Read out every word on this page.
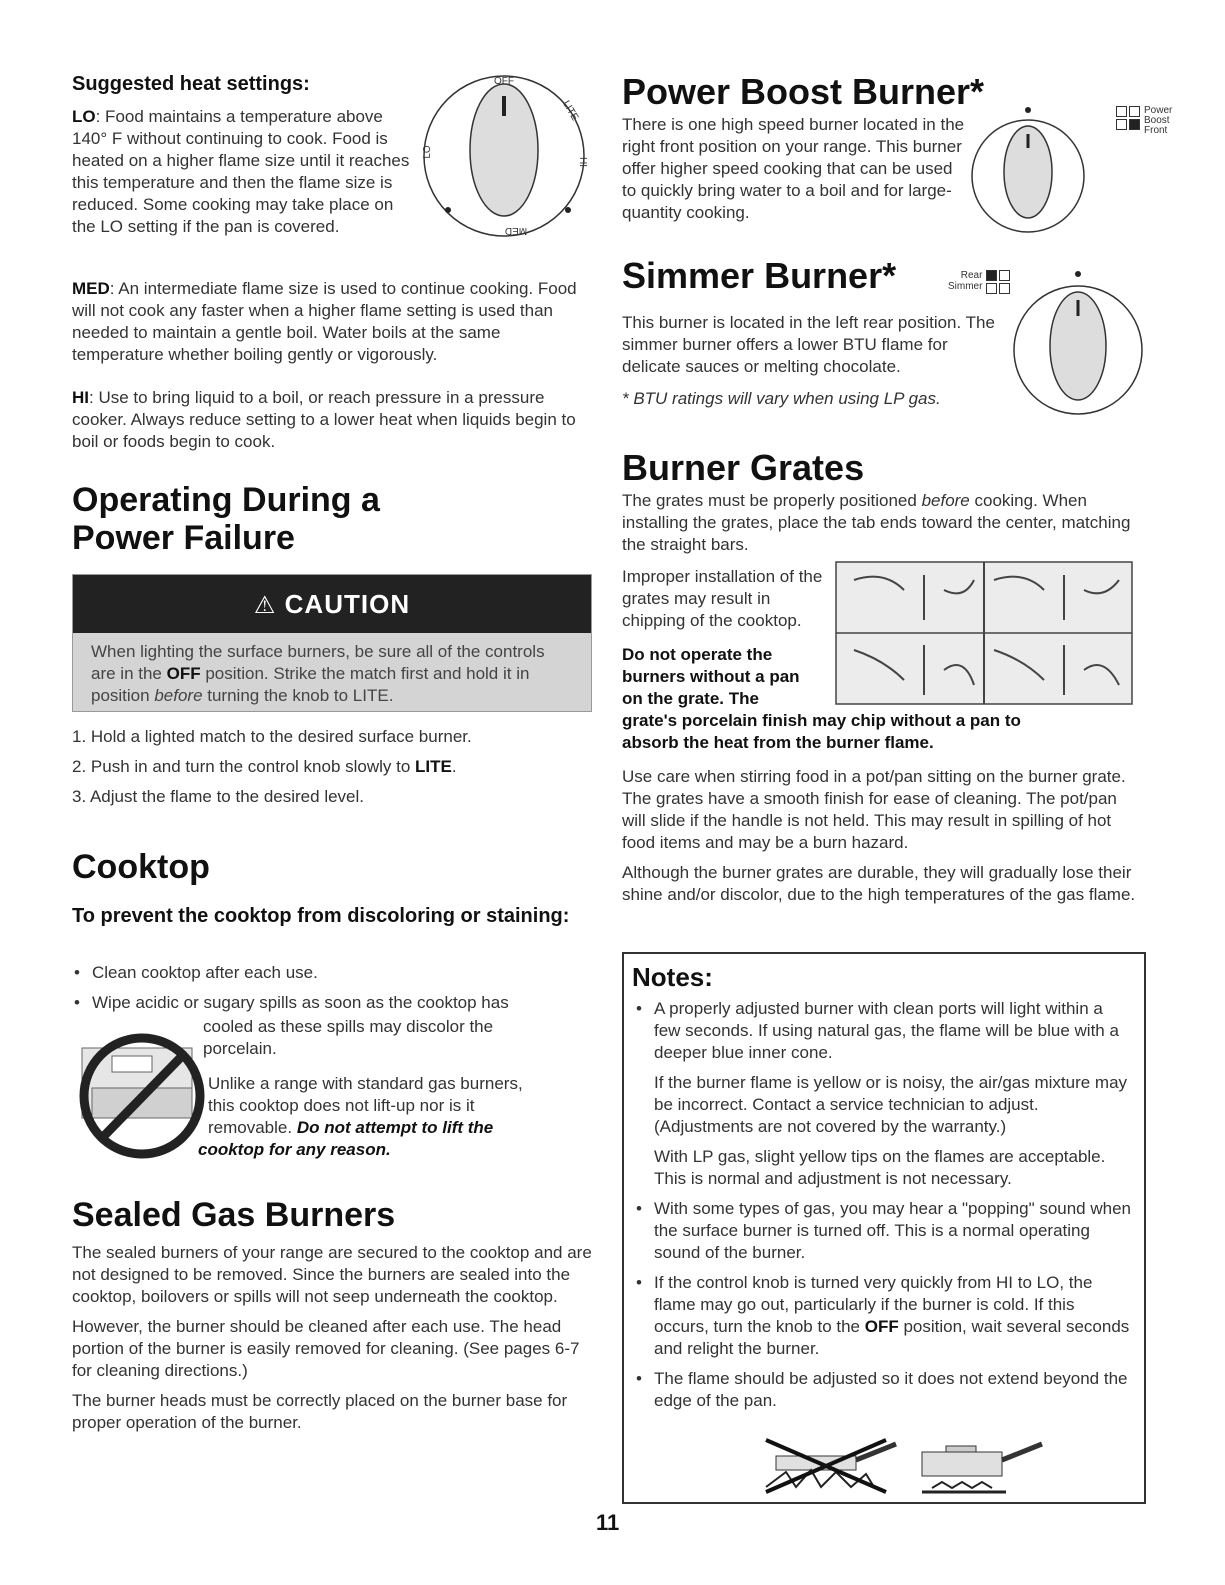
Suggested heat settings:	OFF
LITE
HI
MED
LO
LO: Food maintains a temperature above 140° F without continuing to cook. Food is heated on a higher flame size until it reaches this temperature and then the flame size is reduced. Some cooking may take place on the LO setting if the pan is covered.
MED: An intermediate flame size is used to continue cooking. Food will not cook any faster when a higher flame setting is used than needed to maintain a gentle boil. Water boils at the same temperature whether boiling gently or vigorously.
HI: Use to bring liquid to a boil, or reach pressure in a pressure cooker. Always reduce setting to a lower heat when liquids begin to boil or foods begin to cook.
Operating During a
Power Failure
⚠ CAUTION
When lighting the surface burners, be sure all of the controls are in the OFF position. Strike the match first and hold it in position before turning the knob to LITE.
1. Hold a lighted match to the desired surface burner.
2. Push in and turn the control knob slowly to LITE.
3. Adjust the flame to the desired level.
Cooktop
To prevent the cooktop from discoloring or staining:
• Clean cooktop after each use.
• Wipe acidic or sugary spills as soon as the cooktop has
cooled as these spills may discolor the
porcelain.
Unlike a range with standard gas burners,
this cooktop does not lift-up nor is it
removable. Do not attempt to lift the
cooktop for any reason.
Sealed Gas Burners

The sealed burners of your range are secured to the cooktop and are not designed to be removed. Since the burners are sealed into the cooktop, boilovers or spills will not seep underneath the cooktop.

However, the burner should be cleaned after each use. The head portion of the burner is easily removed for cleaning. (See pages 6-7 for cleaning directions.)

The burner heads must be correctly placed on the burner base for proper operation of the burner.

Power Boost Burner*
There is one high speed burner located in the right front position on your range. This burner offer higher speed cooking that can be used to quickly bring water to a boil and for large-quantity cooking.
Power
Boost
Front
Simmer Burner*	Rear
Simmer
This burner is located in the left rear position. The simmer burner offers a lower BTU flame for delicate sauces or melting chocolate.
* BTU ratings will vary when using LP gas.
Burner Grates
The grates must be properly positioned before cooking. When installing the grates, place the tab ends toward the center, matching the straight bars.
Improper installation of the grates may result in chipping of the cooktop.
Do not operate the
burners without a pan
on the grate. The
grate's porcelain finish may chip without a pan to
absorb the heat from the burner flame.

Use care when stirring food in a pot/pan sitting on the burner grate. The grates have a smooth finish for ease of cleaning. The pot/pan will slide if the handle is not held. This may result in spilling of hot food items and may be a burn hazard.

Although the burner grates are durable, they will gradually lose their shine and/or discolor, due to the high temperatures of the gas flame.

Notes:
• A properly adjusted burner with clean ports will light within a few seconds. If using natural gas, the flame will be blue with a deeper blue inner cone.
If the burner flame is yellow or is noisy, the air/gas mixture may be incorrect. Contact a service technician to adjust. (Adjustments are not covered by the warranty.)
With LP gas, slight yellow tips on the flames are acceptable. This is normal and adjustment is not necessary.
• With some types of gas, you may hear a "popping" sound when the surface burner is turned off. This is a normal operating sound of the burner.
• If the control knob is turned very quickly from HI to LO, the flame may go out, particularly if the burner is cold. If this occurs, turn the knob to the OFF position, wait several seconds and relight the burner.
• The flame should be adjusted so it does not extend beyond the edge of the pan.
11
